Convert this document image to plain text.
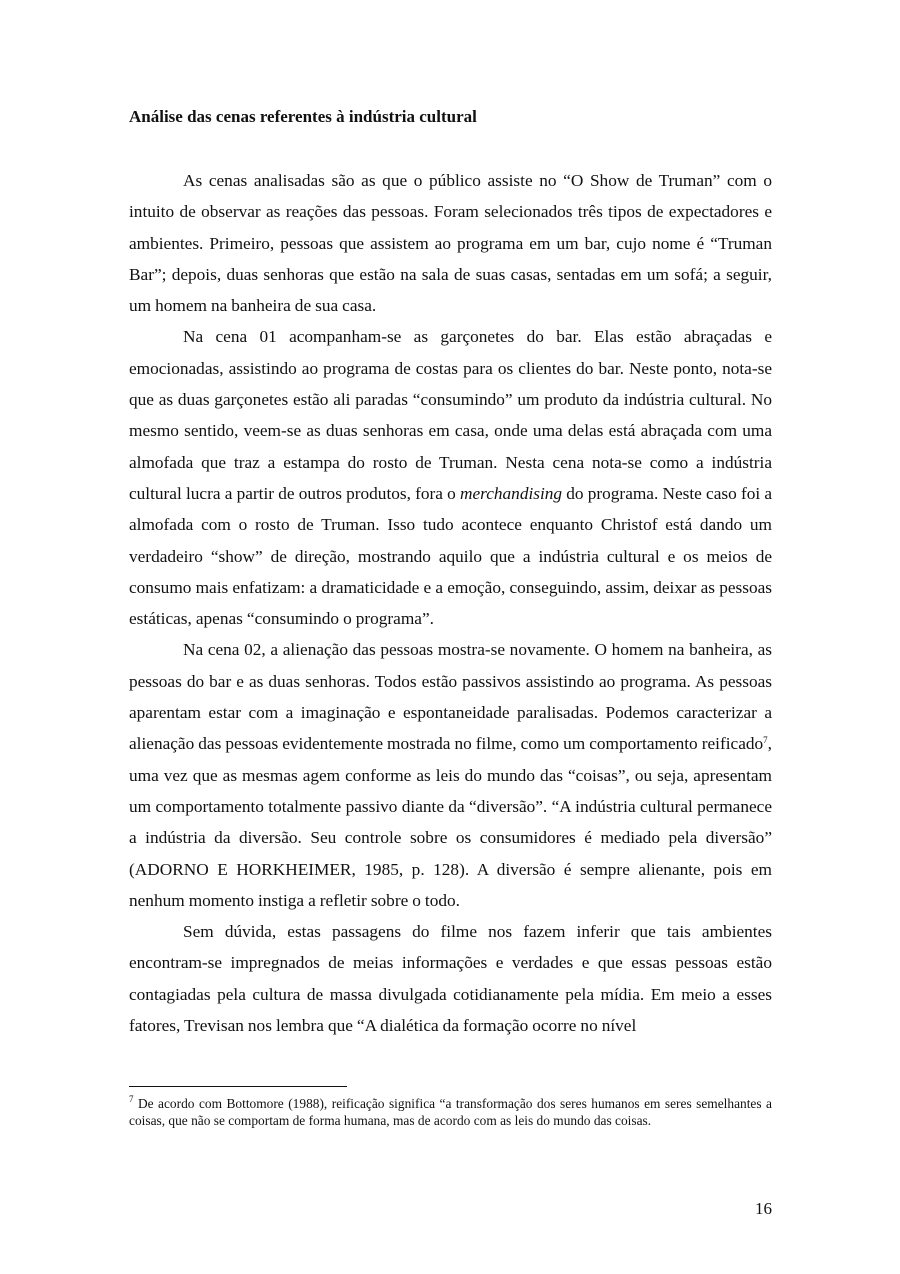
Análise das cenas referentes à indústria cultural

As cenas analisadas são as que o público assiste no “O Show de Truman” com o intuito de observar as reações das pessoas. Foram selecionados três tipos de expectadores e ambientes. Primeiro, pessoas que assistem ao programa em um bar, cujo nome é “Truman Bar”; depois, duas senhoras que estão na sala de suas casas, sentadas em um sofá; a seguir, um homem na banheira de sua casa.

Na cena 01 acompanham-se as garçonetes do bar. Elas estão abraçadas e emocionadas, assistindo ao programa de costas para os clientes do bar. Neste ponto, nota-se que as duas garçonetes estão ali paradas “consumindo” um produto da indústria cultural. No mesmo sentido, veem-se as duas senhoras em casa, onde uma delas está abraçada com uma almofada que traz a estampa do rosto de Truman. Nesta cena nota-se como a indústria cultural lucra a partir de outros produtos, fora o merchandising do programa. Neste caso foi a almofada com o rosto de Truman. Isso tudo acontece enquanto Christof está dando um verdadeiro “show” de direção, mostrando aquilo que a indústria cultural e os meios de consumo mais enfatizam: a dramaticidade e a emoção, conseguindo, assim, deixar as pessoas estáticas, apenas “consumindo o programa”.

Na cena 02, a alienação das pessoas mostra-se novamente. O homem na banheira, as pessoas do bar e as duas senhoras. Todos estão passivos assistindo ao programa. As pessoas aparentam estar com a imaginação e espontaneidade paralisadas. Podemos caracterizar a alienação das pessoas evidentemente mostrada no filme, como um comportamento reificado$^7$, uma vez que as mesmas agem conforme as leis do mundo das “coisas”, ou seja, apresentam um comportamento totalmente passivo diante da “diversão”. “A indústria cultural permanece a indústria da diversão. Seu controle sobre os consumidores é mediado pela diversão” (ADORNO E HORKHEIMER, 1985, p. 128). A diversão é sempre alienante, pois em nenhum momento instiga a refletir sobre o todo.

Sem dúvida, estas passagens do filme nos fazem inferir que tais ambientes encontram-se impregnados de meias informações e verdades e que essas pessoas estão contagiadas pela cultura de massa divulgada cotidianamente pela mídia. Em meio a esses fatores, Trevisan nos lembra que “A dialética da formação ocorre no nível

$^7$ De acordo com Bottomore (1988), reificação significa “a transformação dos seres humanos em seres semelhantes a coisas, que não se comportam de forma humana, mas de acordo com as leis do mundo das coisas.

16
